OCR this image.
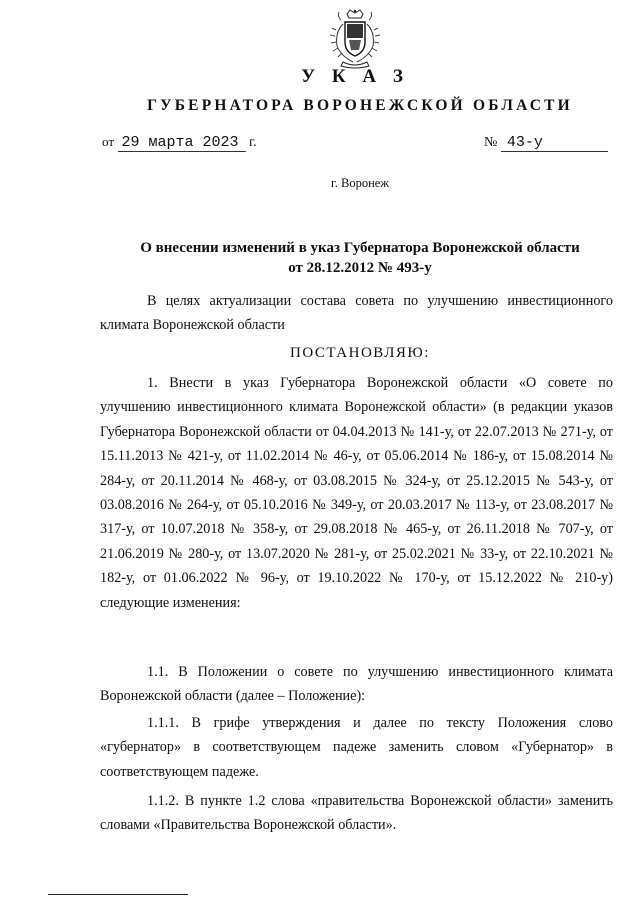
У К А З
ГУБЕРНАТОРА ВОРОНЕЖСКОЙ ОБЛАСТИ
от 29 марта 2023 г.	№ 43-у
г. Воронеж
О внесении изменений в указ Губернатора Воронежской области
от 28.12.2012 № 493-у
В целях актуализации состава совета по улучшению инвестиционного климата Воронежской области
ПОСТАНОВЛЯЮ:
1. Внести в указ Губернатора Воронежской области «О совете по улучшению инвестиционного климата Воронежской области» (в редакции указов Губернатора Воронежской области от 04.04.2013 № 141-у, от 22.07.2013 № 271-у, от 15.11.2013 № 421-у, от 11.02.2014 № 46-у, от 05.06.2014 № 186-у, от 15.08.2014 № 284-у, от 20.11.2014 № 468-у, от 03.08.2015 № 324-у, от 25.12.2015 № 543-у, от 03.08.2016 № 264-у, от 05.10.2016 № 349-у, от 20.03.2017 № 113-у, от 23.08.2017 № 317-у, от 10.07.2018 № 358-у, от 29.08.2018 № 465-у, от 26.11.2018 № 707-у, от 21.06.2019 № 280-у, от 13.07.2020 № 281-у, от 25.02.2021 № 33-у, от 22.10.2021 № 182-у, от 01.06.2022 № 96-у, от 19.10.2022 № 170-у, от 15.12.2022 № 210-у) следующие изменения:
1.1. В Положении о совете по улучшению инвестиционного климата Воронежской области (далее – Положение):
1.1.1. В грифе утверждения и далее по тексту Положения слово «губернатор» в соответствующем падеже заменить словом «Губернатор» в соответствующем падеже.
1.1.2. В пункте 1.2 слова «правительства Воронежской области» заменить словами «Правительства Воронежской области».
